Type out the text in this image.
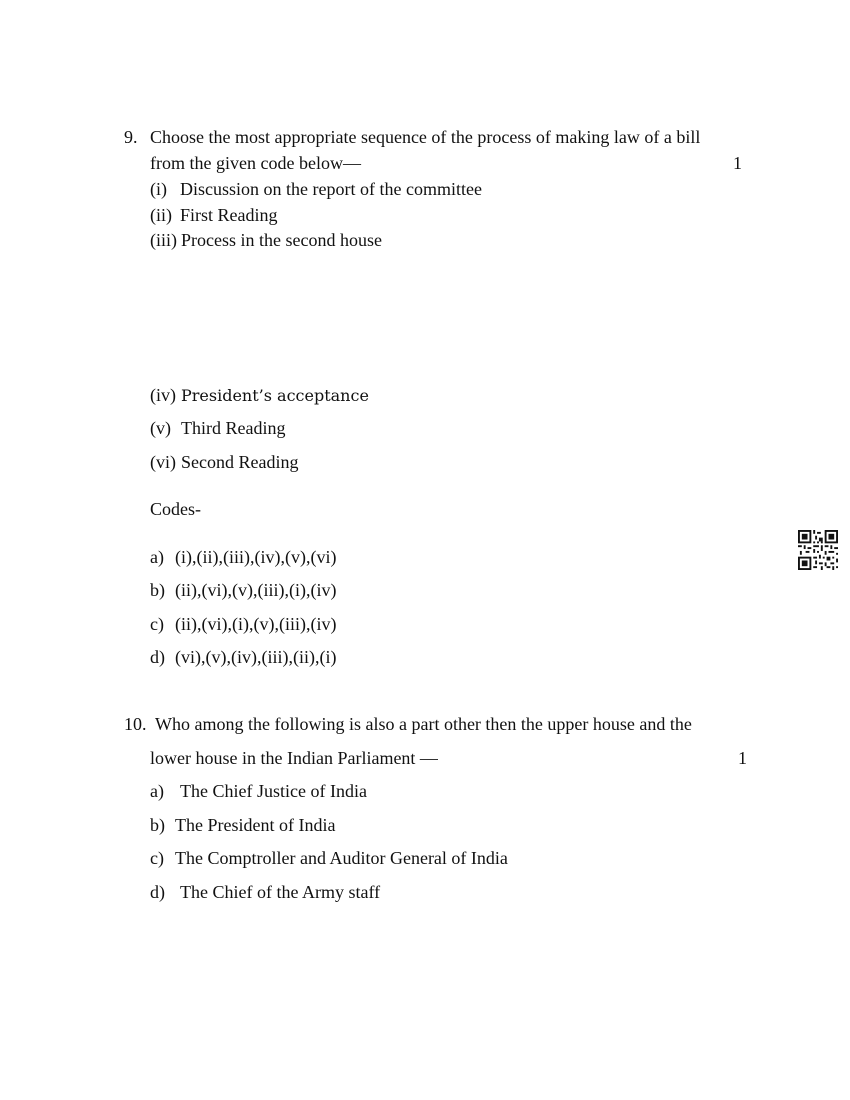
9. Choose the most appropriate sequence of the process of making law of a bill
from the given code below—	1
(i) Discussion on the report of the committee
(ii) First Reading
(iii) Process in the second house
(iv) President’s acceptance
(v) Third Reading
(vi) Second Reading
Codes-
a) (i),(ii),(iii),(iv),(v),(vi)
b) (ii),(vi),(v),(iii),(i),(iv)
c) (ii),(vi),(i),(v),(iii),(iv)
d) (vi),(v),(iv),(iii),(ii),(i)
10. Who among the following is also a part other then the upper house and the
lower house in the Indian Parliament —	1
a) The Chief Justice of India
b) The President of India
c) The Comptroller and Auditor General of India
d) The Chief of the Army staff
